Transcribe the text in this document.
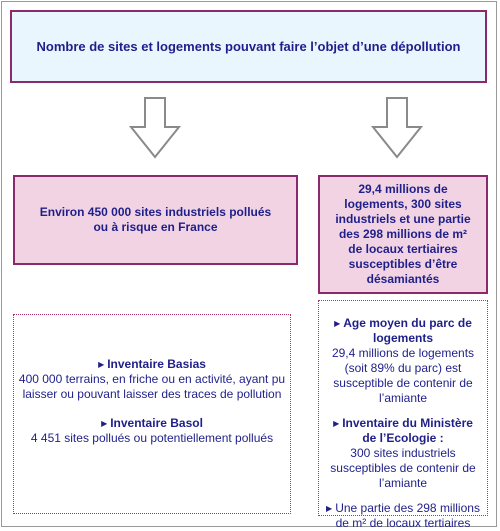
Nombre de sites et logements pouvant faire l’objet d’une dépollution
Environ 450 000 sites industriels pollués ou à risque en France
29,4 millions de logements, 300 sites industriels et une partie des 298 millions de m² de locaux tertiaires susceptibles d’être désamiantés
▶ Inventaire Basias
400 000 terrains, en friche ou en activité, ayant pu laisser ou pouvant laisser des traces de pollution
▶ Inventaire Basol
4 451 sites pollués ou potentiellement pollués
▶ Age moyen du parc de logements
29,4 millions de logements (soit 89% du parc) est susceptible de contenir de l’amiante
▶ Inventaire du Ministère de l’Ecologie :
300 sites industriels susceptibles de contenir de l’amiante
▶ Une partie des 298 millions de m² de locaux tertiaires
